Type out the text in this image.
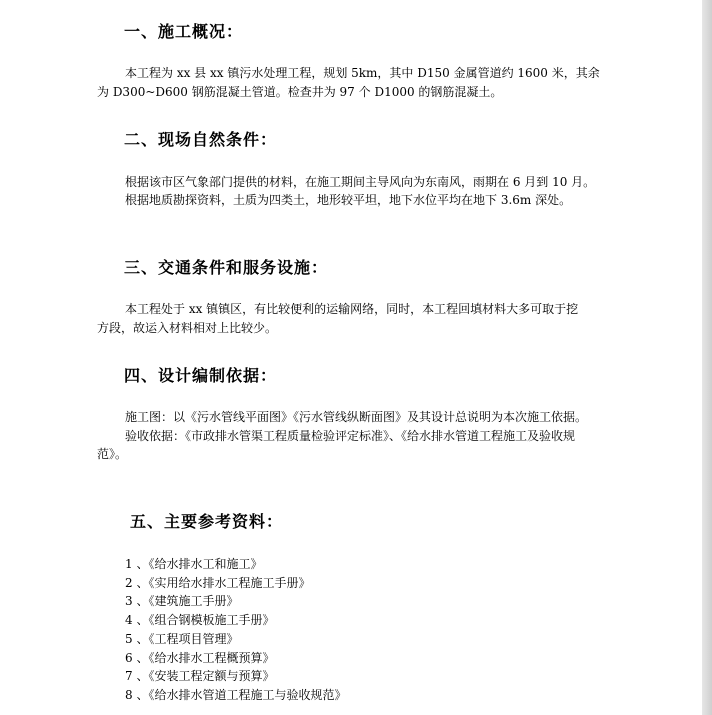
一、施工概况：
本工程为 xx 县 xx 镇污水处理工程，规划 5km，其中 D150 金属管道约 1600 米，其余
为 D300~D600 钢筋混凝土管道。检查井为 97 个 D1000 的钢筋混凝土。
二、现场自然条件：
根据该市区气象部门提供的材料，在施工期间主导风向为东南风，雨期在 6 月到 10 月。
根据地质勘探资料，土质为四类土，地形较平坦，地下水位平均在地下 3.6m 深处。
三、交通条件和服务设施：
本工程处于 xx 镇镇区，有比较便利的运输网络，同时，本工程回填材料大多可取于挖
方段，故运入材料相对上比较少。
四、设计编制依据：
施工图：以《污水管线平面图》《污水管线纵断面图》及其设计总说明为本次施工依据。
验收依据：《市政排水管渠工程质量检验评定标准》、《给水排水管道工程施工及验收规
范》。
五、主要参考资料：
1 、《给水排水工和施工》
2 、《实用给水排水工程施工手册》
3 、《建筑施工手册》
4 、《组合钢模板施工手册》
5 、《工程项目管理》
6 、《给水排水工程概预算》
7 、《安装工程定额与预算》
8 、《给水排水管道工程施工与验收规范》
